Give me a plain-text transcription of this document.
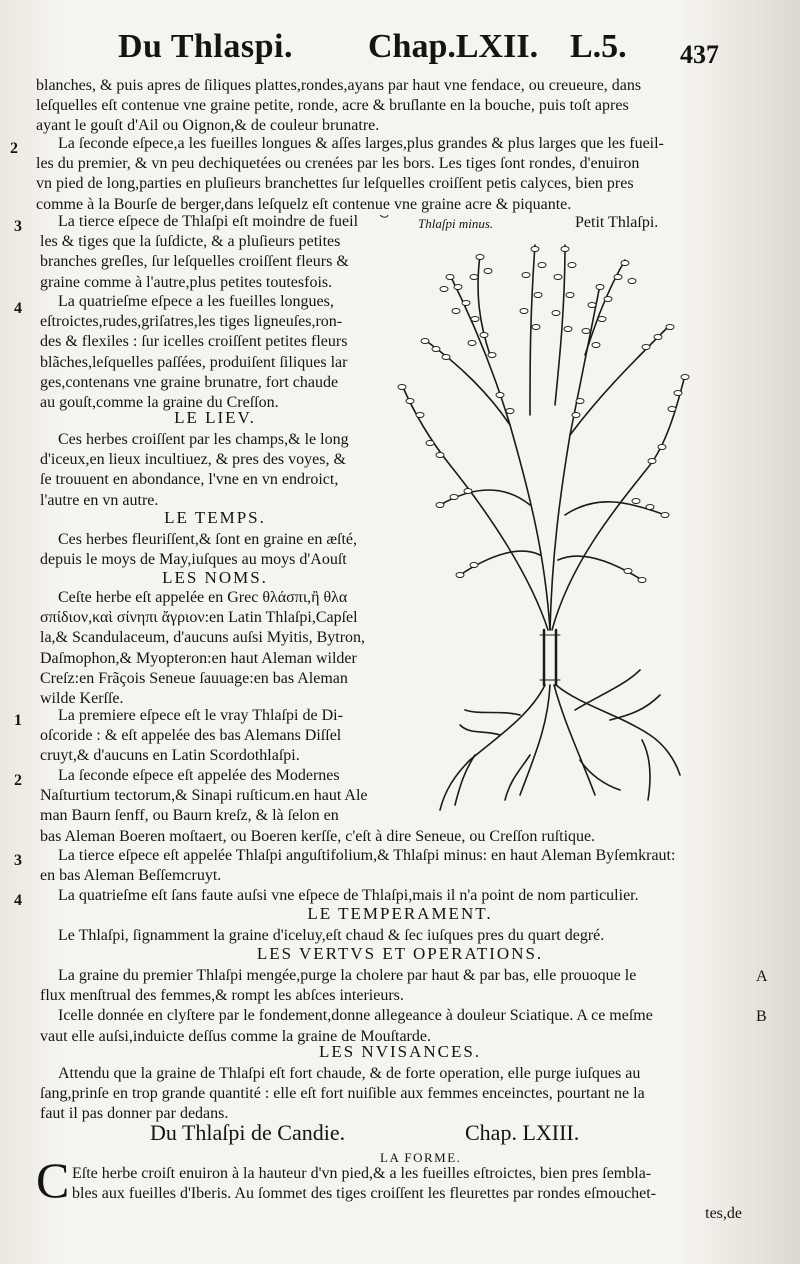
Du Thlaspi. Chap.LXII. L.5. 437
blanches, & puis apres de ſiliques plattes,rondes,ayans par haut vne fendace, ou creueure, dans
leſquelles eſt contenue vne graine petite, ronde, acre & bruſlante en la bouche, puis toſt apres
ayant le gouſt d'Ail ou Oignon,& de couleur brunatre.
2	La ſeconde eſpece,a les fueilles longues & aſſes larges,plus grandes & plus larges que les fueil-
les du premier, & vn peu dechiquetées ou crenées par les bors. Les tiges ſont rondes, d'enuiron
vn pied de long,parties en pluſieurs branchettes ſur leſquelles croiſſent petis calyces, bien pres
comme à la Bourſe de berger,dans leſquelz eſt contenue vne graine acre & piquante.
Thlaſpi minus.	Petit Thlaſpi.
3	La tierce eſpece de Thlaſpi eſt moindre de fueil
les & tiges que la ſuſdicte, & a pluſieurs petites
branches greſles, ſur leſquelles croiſſent fleurs &
graine comme à l'autre,plus petites toutesfois.
4	La quatrieſme eſpece a les fueilles longues,
eſtroictes,rudes,griſatres,les tiges ligneuſes,ron-
des & flexiles : ſur icelles croiſſent petites fleurs
blãches,leſquelles paſſées, produiſent ſiliques lar
ges,contenans vne graine brunatre, fort chaude
au gouſt,comme la graine du Creſſon.
LE LIEV.
Ces herbes croiſſent par les champs,& le long
d'iceux,en lieux incultiuez, & pres des voyes, &
ſe trouuent en abondance, l'vne en vn endroict,
l'autre en vn autre.
LE TEMPS.
Ces herbes fleuriſſent,& ſont en graine en æſté,
depuis le moys de May,iuſques au moys d'Aouſt
LES NOMS.
Ceſte herbe eſt appelée en Grec θλάσπι,ἢ θλα
σπίδιον,καὶ σίνηπι ἄγριον:en Latin Thlaſpi,Capſel
la,& Scandulaceum, d'aucuns auſsi Myitis, Bytron,
Daſmophon,& Myopteron:en haut Aleman wilder
Creſz:en Frãçois Seneue ſauuage:en bas Aleman
wilde Kerſſe.
1	La premiere eſpece eſt le vray Thlaſpi de Di-
oſcoride : & eſt appelée des bas Alemans Diſſel
cruyt,& d'aucuns en Latin Scordothlaſpi.
2	La ſeconde eſpece eſt appelée des Modernes
Naſturtium tectorum,& Sinapi ruſticum.en haut Ale
man Baurn ſenff, ou Baurn kreſz, & là ſelon en
bas Aleman Boeren moſtaert, ou Boeren kerſſe, c'eſt à dire Seneue, ou Creſſon ruſtique.
3	La tierce eſpece eſt appelée Thlaſpi anguſtifolium,& Thlaſpi minus: en haut Aleman Byſemkraut:
en bas Aleman Beſſemcruyt.
4	La quatrieſme eſt ſans faute auſsi vne eſpece de Thlaſpi,mais il n'a point de nom particulier.
LE TEMPERAMENT.
Le Thlaſpi, ſignamment la graine d'iceluy,eſt chaud & ſec iuſques pres du quart degré.
LES VERTVS ET OPERATIONS.
La graine du premier Thlaſpi mengée,purge la cholere par haut & par bas, elle prouoque le
flux menſtrual des femmes,& rompt les abſces interieurs.
Icelle donnée en clyſtere par le fondement,donne allegeance à douleur Sciatique. A ce meſme
vaut elle auſsi,induicte deſſus comme la graine de Mouſtarde.
A
B
LES NVISANCES.
Attendu que la graine de Thlaſpi eſt fort chaude, & de forte operation, elle purge iuſques au
ſang,prinſe en trop grande quantité : elle eſt fort nuiſible aux femmes enceinctes, pourtant ne la
faut il pas donner par dedans.
Du Thlaſpi de Candie.	Chap. LXIII.
LA FORME.
C Eſte herbe croiſt enuiron à la hauteur d'vn pied,& a les fueilles eſtroictes, bien pres ſembla-
bles aux fueilles d'Iberis. Au ſommet des tiges croiſſent les fleurettes par rondes eſmouchet-
tes,de
